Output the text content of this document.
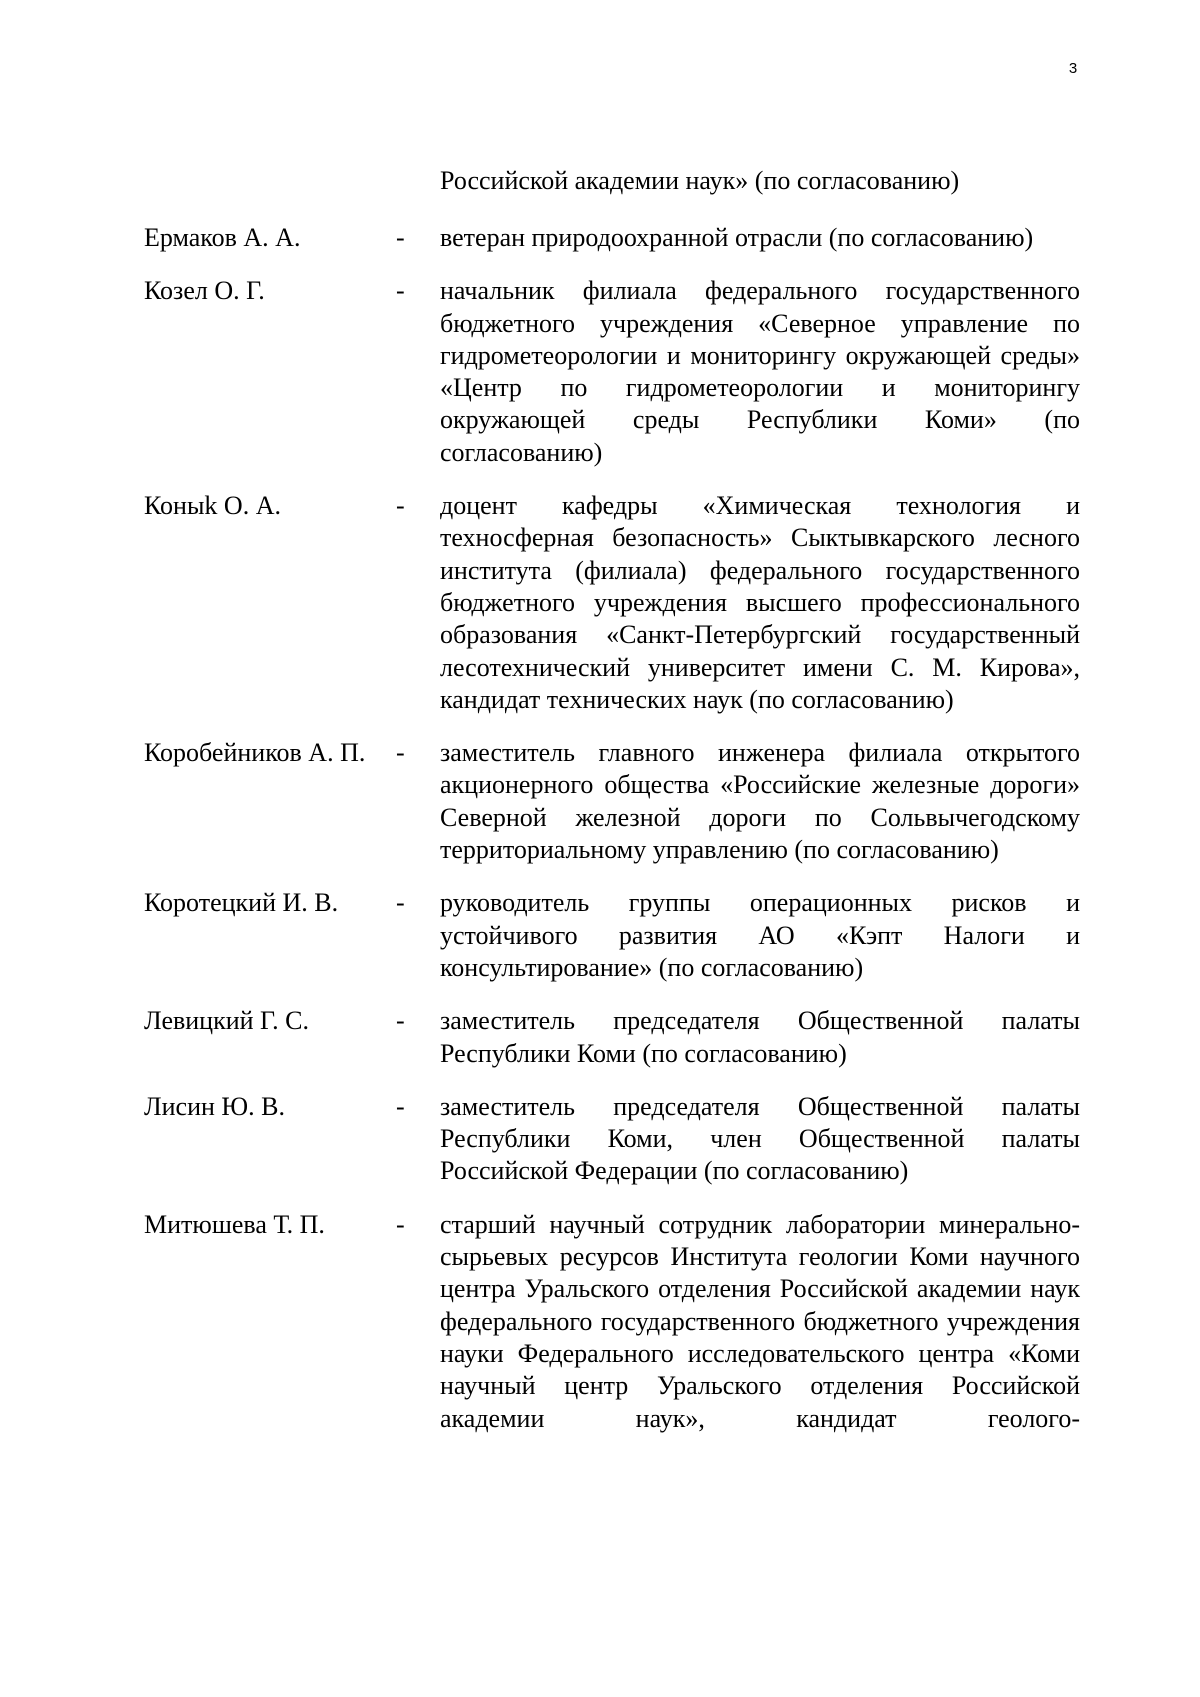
3
Российской академии наук» (по согласованию)
Ермаков А. А.	-	ветеран природоохранной отрасли (по согласованию)
Козел О. Г.	-	начальник филиала федерального государственного бюджетного учреждения «Северное управление по гидрометеорологии и мониторингу окружающей среды» «Центр по гидрометеорологии и мониторингу окружающей среды Республики Коми» (по согласованию)
Коныk О. А.	-	доцент кафедры «Химическая технология и техносферная безопасность» Сыктывкарского лесного института (филиала) федерального государственного бюджетного учреждения высшего профессионального образования «Санкт-Петербургский государственный лесотехнический университет имени С. М. Кирова», кандидат технических наук (по согласованию)
Коробейников А. П.	-	заместитель главного инженера филиала открытого акционерного общества «Российские железные дороги» Северной железной дороги по Сольвычегодскому территориальному управлению (по согласованию)
Коротецкий И. В.	-	руководитель группы операционных рисков и устойчивого развития АО «Кэпт Налоги и консультирование» (по согласованию)
Левицкий Г. С.	-	заместитель председателя Общественной палаты Республики Коми (по согласованию)
Лисин Ю. В.	-	заместитель председателя Общественной палаты Республики Коми, член Общественной палаты Российской Федерации (по согласованию)
Митюшева Т. П.	-	старший научный сотрудник лаборатории минерально-сырьевых ресурсов Института геологии Коми научного центра Уральского отделения Российской академии наук федерального государственного бюджетного учреждения науки Федерального исследовательского центра «Коми научный центр Уральского отделения Российской академии наук», кандидат геолого-
